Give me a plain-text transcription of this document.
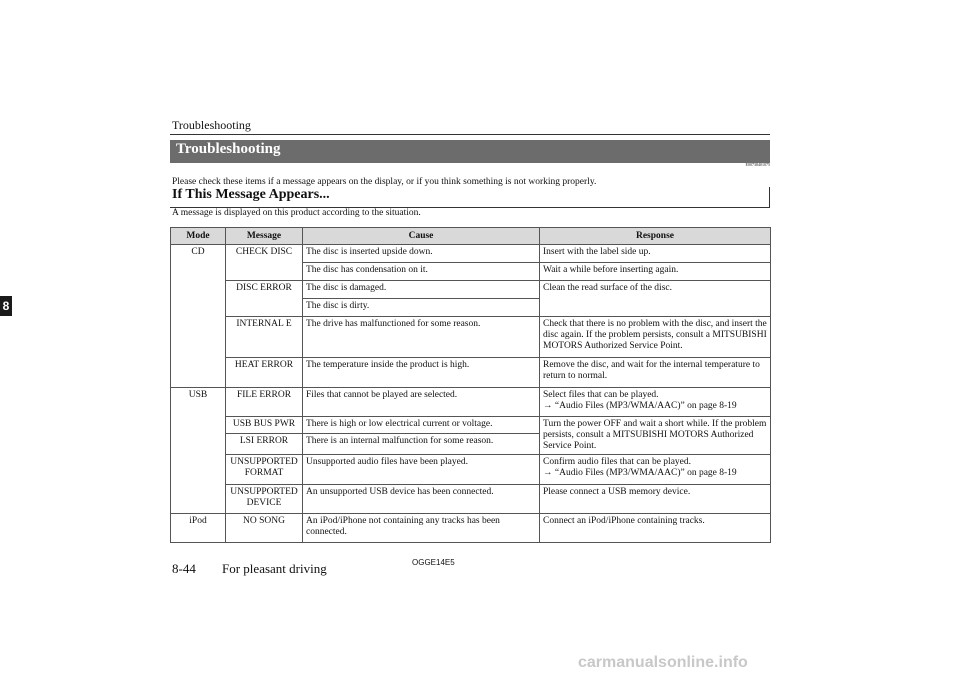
Troubleshooting
8
Troubleshooting
E00738401075
Please check these items if a message appears on the display, or if you think something is not working properly.
If This Message Appears...
A message is displayed on this product according to the situation.
Mode	Message	Cause	Response
CD	CHECK DISC	The disc is inserted upside down.	Insert with the label side up.
		The disc has condensation on it.	Wait a while before inserting again.
	DISC ERROR	The disc is damaged.	Clean the read surface of the disc.
		The disc is dirty.	
	INTERNAL E	The drive has malfunctioned for some reason.	Check that there is no problem with the disc, and insert the disc again. If the problem persists, consult a MITSUBISHI MOTORS Authorized Service Point.
	HEAT ERROR	The temperature inside the product is high.	Remove the disc, and wait for the internal temperature to return to normal.
USB	FILE ERROR	Files that cannot be played are selected.	Select files that can be played.
→ “Audio Files (MP3/WMA/AAC)” on page 8-19
	USB BUS PWR	There is high or low electrical current or voltage.	Turn the power OFF and wait a short while. If the problem persists, consult a MITSUBISHI MOTORS Authorized Service Point.
	LSI ERROR	There is an internal malfunction for some reason.	
	UNSUPPORTED FORMAT	Unsupported audio files have been played.	Confirm audio files that can be played.
→ “Audio Files (MP3/WMA/AAC)” on page 8-19
	UNSUPPORTED DEVICE	An unsupported USB device has been connected.	Please connect a USB memory device.
iPod	NO SONG	An iPod/iPhone not containing any tracks has been connected.	Connect an iPod/iPhone containing tracks.
8-44 For pleasant driving	OGGE14E5
carmanualsonline.info
